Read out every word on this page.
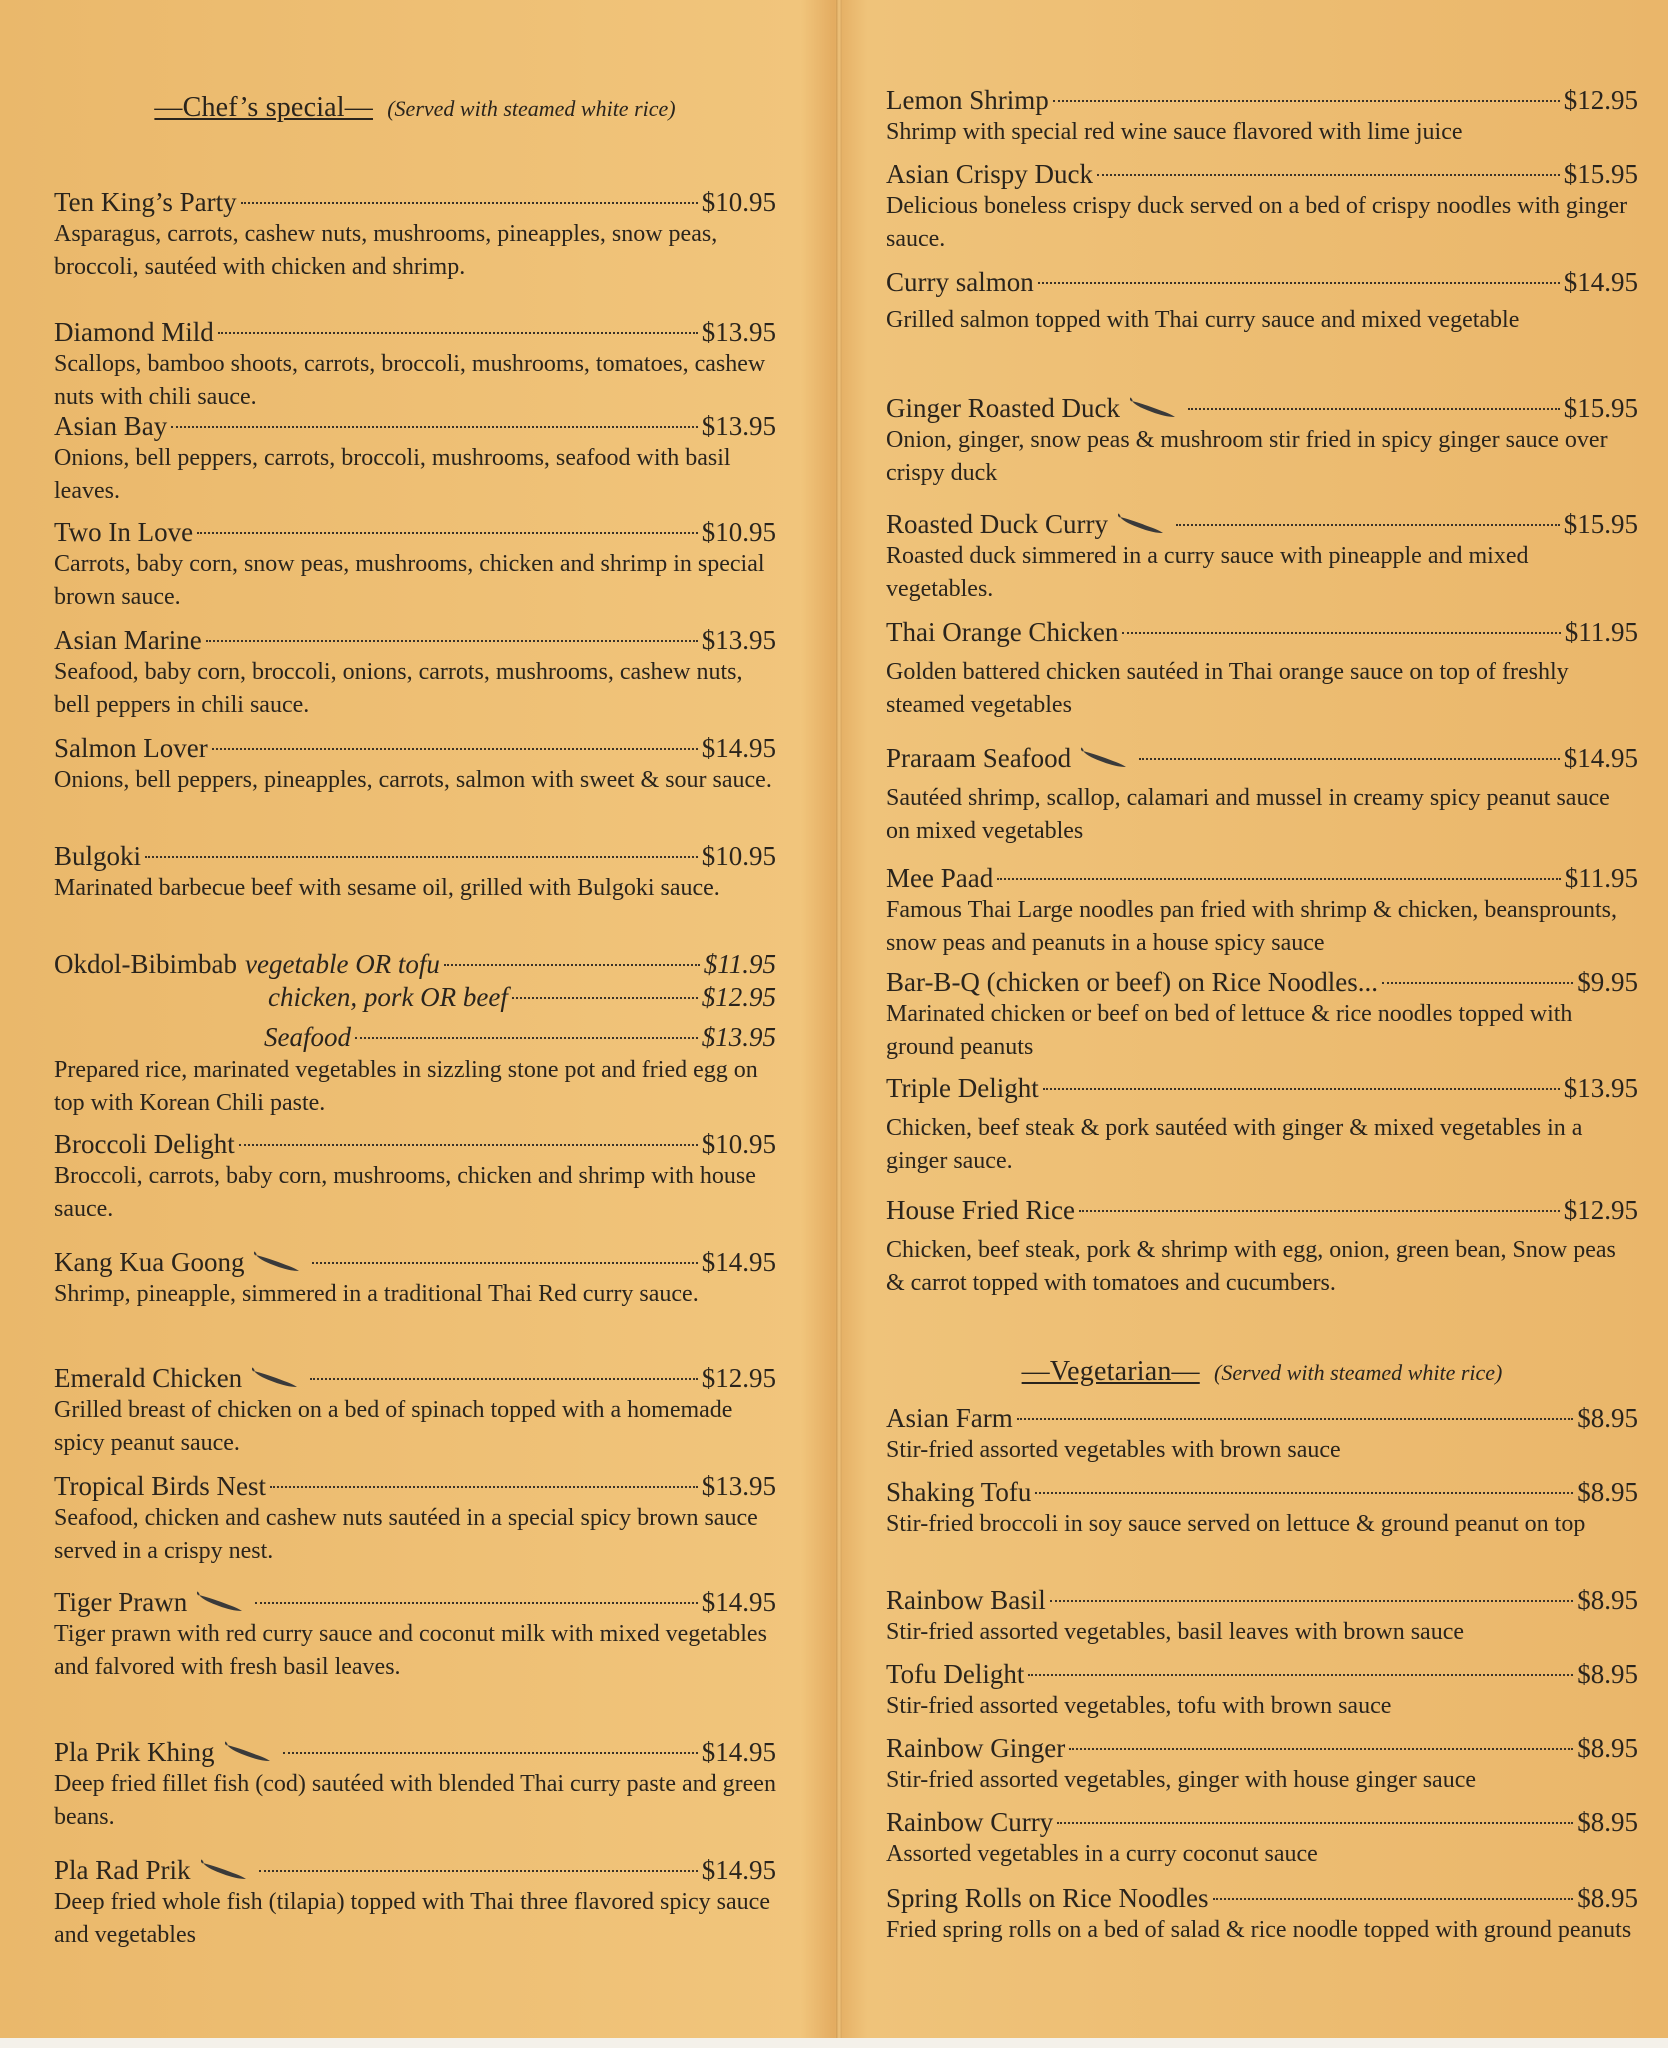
—Chef’s special— (Served with steamed white rice)
Ten King’s Party	$10.95
Asparagus, carrots, cashew nuts, mushrooms, pineapples, snow peas, broccoli, sautéed with chicken and shrimp.
Diamond Mild	$13.95
Scallops, bamboo shoots, carrots, broccoli, mushrooms, tomatoes, cashew nuts with chili sauce.
Asian Bay	$13.95
Onions, bell peppers, carrots, broccoli, mushrooms, seafood with basil leaves.
Two In Love	$10.95
Carrots, baby corn, snow peas, mushrooms, chicken and shrimp in special brown sauce.
Asian Marine	$13.95
Seafood, baby corn, broccoli, onions, carrots, mushrooms, cashew nuts, bell peppers in chili sauce.
Salmon Lover	$14.95
Onions, bell peppers, pineapples, carrots, salmon with sweet & sour sauce.
Bulgoki	$10.95
Marinated barbecue beef with sesame oil, grilled with Bulgoki sauce.
Okdol-Bibimbab vegetable OR tofu	$11.95
chicken, pork OR beef	$12.95
Seafood	$13.95
Prepared rice, marinated vegetables in sizzling stone pot and fried egg on top with Korean Chili paste.
Broccoli Delight	$10.95
Broccoli, carrots, baby corn, mushrooms, chicken and shrimp with house sauce.
Kang Kua Goong	$14.95
Shrimp, pineapple, simmered in a traditional Thai Red curry sauce.
Emerald Chicken	$12.95
Grilled breast of chicken on a bed of spinach topped with a homemade spicy peanut sauce.
Tropical Birds Nest	$13.95
Seafood, chicken and cashew nuts sautéed in a special spicy brown sauce served in a crispy nest.
Tiger Prawn	$14.95
Tiger prawn with red curry sauce and coconut milk with mixed vegetables and falvored with fresh basil leaves.
Pla Prik Khing	$14.95
Deep fried fillet fish (cod) sautéed with blended Thai curry paste and green beans.
Pla Rad Prik	$14.95
Deep fried whole fish (tilapia) topped with Thai three flavored spicy sauce and vegetables
Lemon Shrimp	$12.95
Shrimp with special red wine sauce flavored with lime juice
Asian Crispy Duck	$15.95
Delicious boneless crispy duck served on a bed of crispy noodles with ginger sauce.
Curry salmon	$14.95
Grilled salmon topped with Thai curry sauce and mixed vegetable
Ginger Roasted Duck	$15.95
Onion, ginger, snow peas & mushroom stir fried in spicy ginger sauce over crispy duck
Roasted Duck Curry	$15.95
Roasted duck simmered in a curry sauce with pineapple and mixed vegetables.
Thai Orange Chicken	$11.95
Golden battered chicken sautéed in Thai orange sauce on top of freshly steamed vegetables
Praraam Seafood	$14.95
Sautéed shrimp, scallop, calamari and mussel in creamy spicy peanut sauce on mixed vegetables
Mee Paad	$11.95
Famous Thai Large noodles pan fried with shrimp & chicken, beansprounts, snow peas and peanuts in a house spicy sauce
Bar-B-Q (chicken or beef) on Rice Noodles...	$9.95
Marinated chicken or beef on bed of lettuce & rice noodles topped with ground peanuts
Triple Delight	$13.95
Chicken, beef steak & pork sautéed with ginger & mixed vegetables in a ginger sauce.
House Fried Rice	$12.95
Chicken, beef steak, pork & shrimp with egg, onion, green bean, Snow peas & carrot topped with tomatoes and cucumbers.
—Vegetarian— (Served with steamed white rice)
Asian Farm	$8.95
Stir-fried assorted vegetables with brown sauce
Shaking Tofu	$8.95
Stir-fried broccoli in soy sauce served on lettuce & ground peanut on top
Rainbow Basil	$8.95
Stir-fried assorted vegetables, basil leaves with brown sauce
Tofu Delight	$8.95
Stir-fried assorted vegetables, tofu with brown sauce
Rainbow Ginger	$8.95
Stir-fried assorted vegetables, ginger with house ginger sauce
Rainbow Curry	$8.95
Assorted vegetables in a curry coconut sauce
Spring Rolls on Rice Noodles	$8.95
Fried spring rolls on a bed of salad & rice noodle topped with ground peanuts
